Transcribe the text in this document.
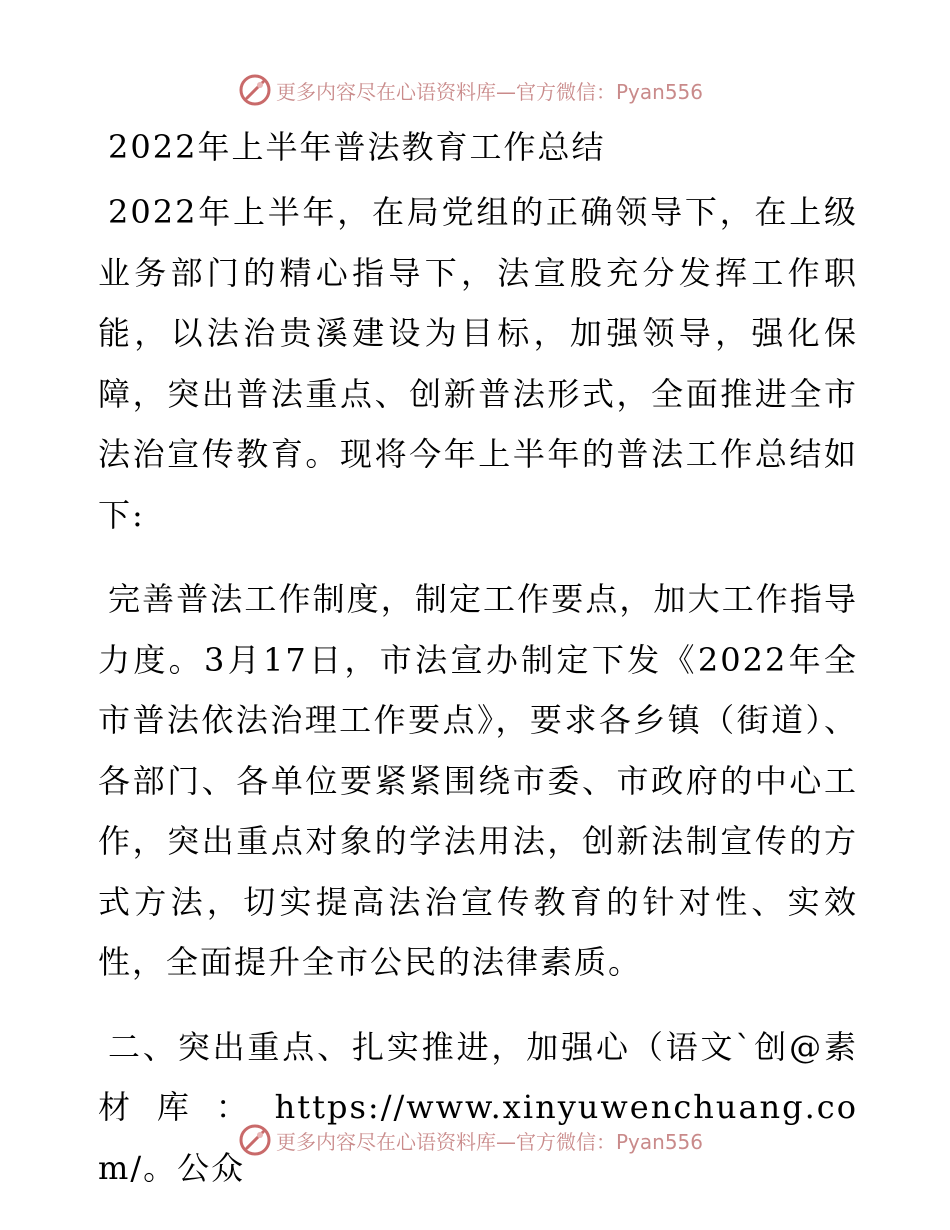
更多内容尽在心语资料库—官方微信：Pyan556
2022年上半年普法教育工作总结

2022年上半年，在局党组的正确领导下，在上级业务部门的精心指导下，法宣股充分发挥工作职能，以法治贵溪建设为目标，加强领导，强化保障，突出普法重点、创新普法形式，全面推进全市法治宣传教育。现将今年上半年的普法工作总结如下:

完善普法工作制度，制定工作要点，加大工作指导力度。3月17日，市法宣办制定下发《2022年全市普法依法治理工作要点》，要求各乡镇（街道）、各部门、各单位要紧紧围绕市委、市政府的中心工作，突出重点对象的学法用法，创新法制宣传的方式方法，切实提高法治宣传教育的针对性、实效性，全面提升全市公民的法律素质。

二、突出重点、扎实推进，加强心（语文`创@素材库：https://www.xinyuwenchuang.com/。公众

更多内容尽在心语资料库—官方微信：Pyan556
